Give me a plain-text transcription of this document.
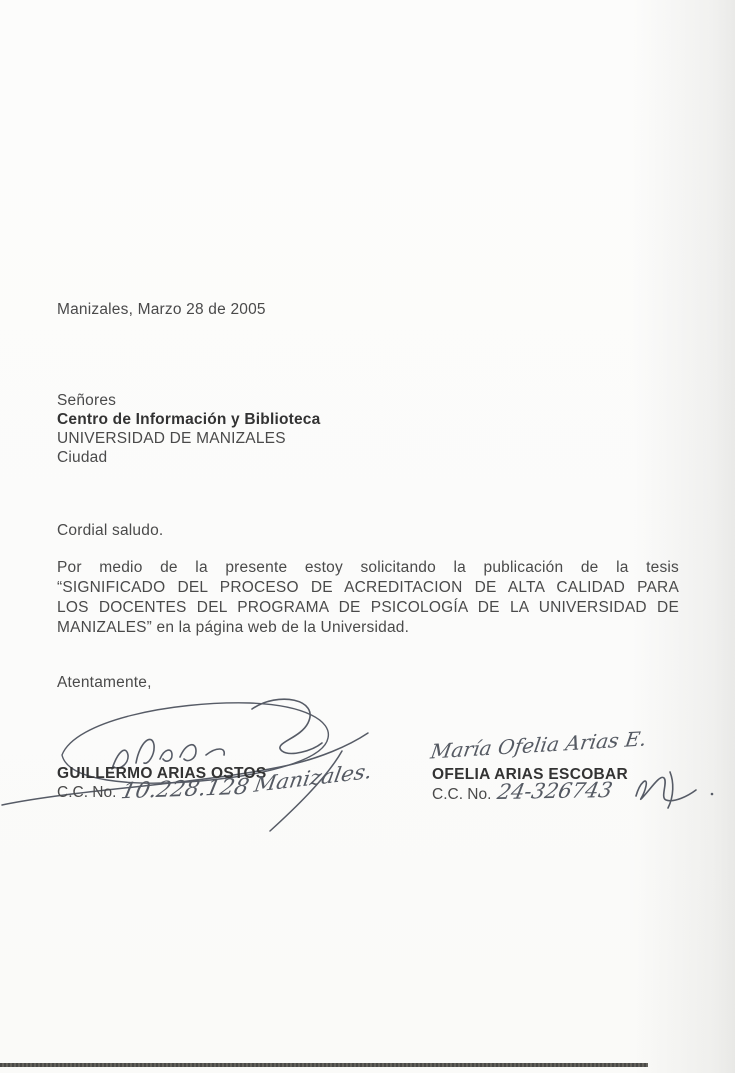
Manizales, Marzo 28 de 2005
Señores
Centro de Información y Biblioteca
UNIVERSIDAD DE MANIZALES
Ciudad
Cordial saludo.
Por medio de la presente estoy solicitando la publicación de la tesis
“SIGNIFICADO DEL PROCESO DE ACREDITACION DE ALTA CALIDAD PARA
LOS DOCENTES DEL PROGRAMA DE PSICOLOGÍA DE LA UNIVERSIDAD DE
MANIZALES” en la página web de la Universidad.
Atentamente,
GUILLERMO ARIAS OSTOS
C.C. No. 10.228.128 Manizales.
María Ofelia Arias E.
OFELIA ARIAS ESCOBAR
C.C. No. 24-326743
